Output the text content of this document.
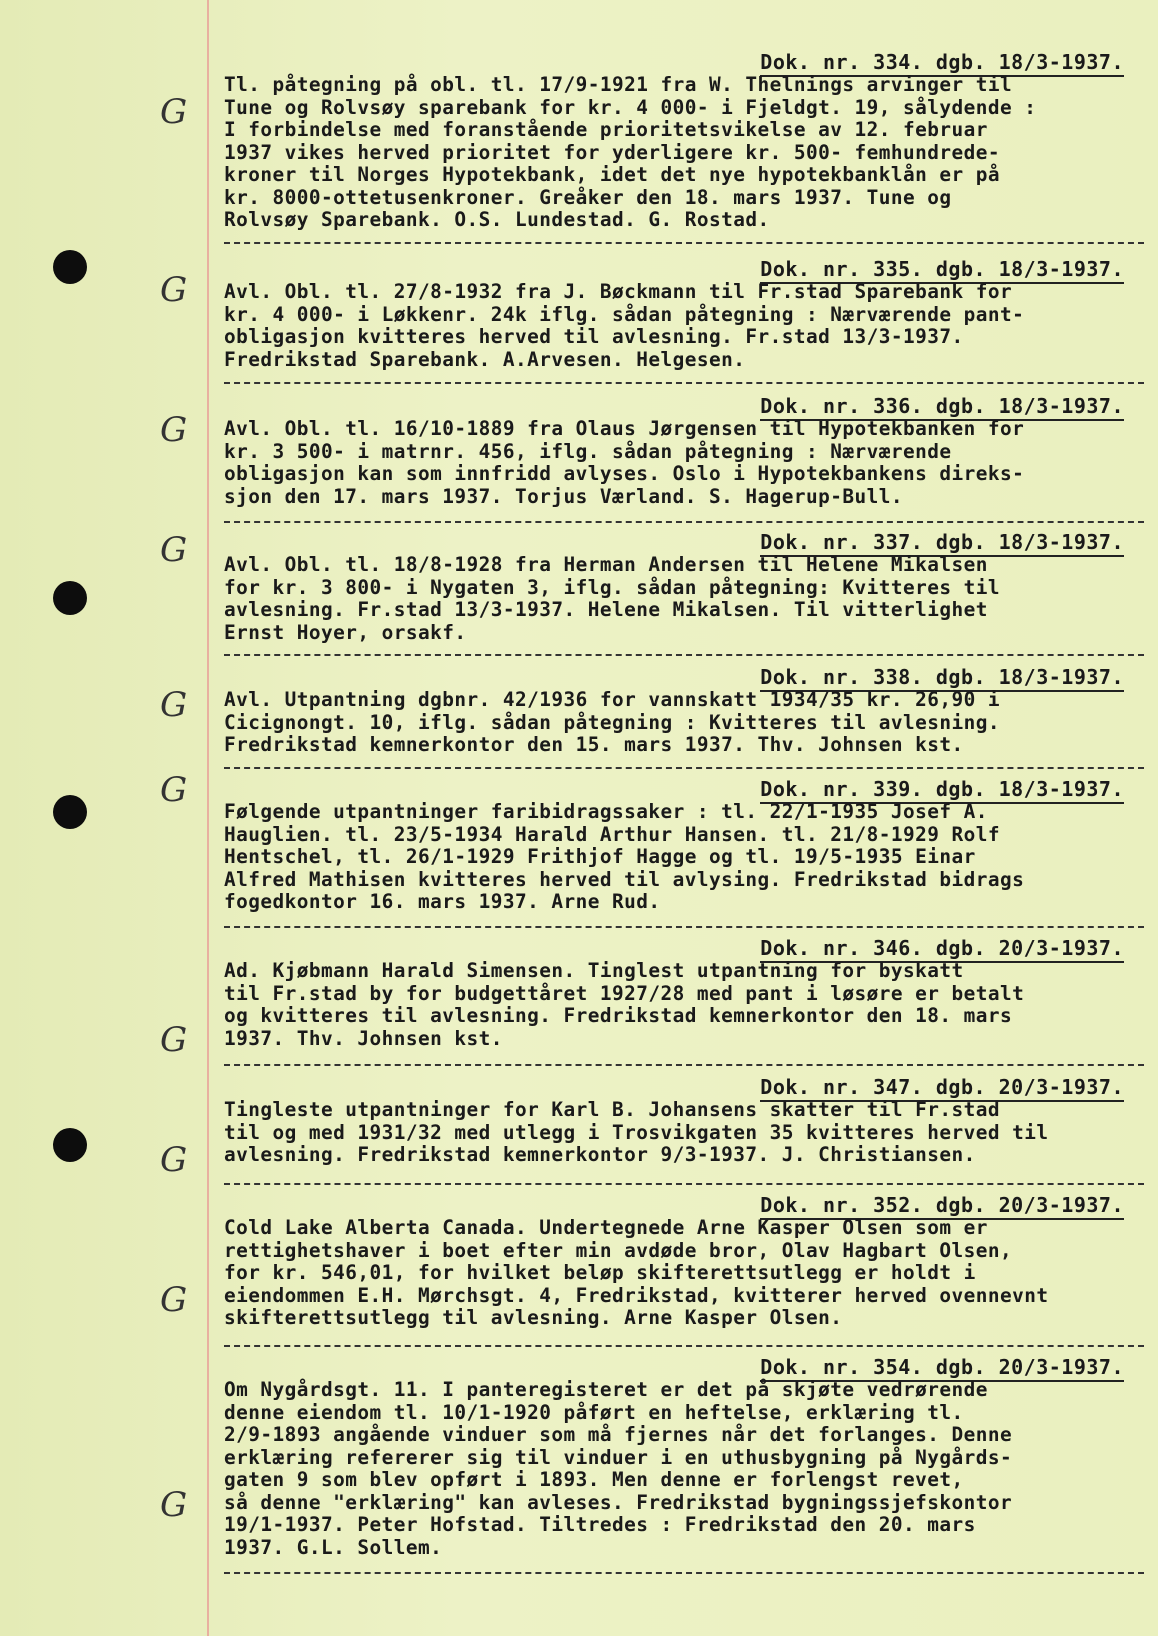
G
G
G
G
G
G
G
G
G
G
Dok. nr. 334. dgb. 18/3-1937.
Tl. påtegning på obl. tl. 17/9-1921 fra W. Thelnings arvinger til
Tune og Rolvsøy sparebank for kr. 4 000- i Fjeldgt. 19, sålydende :
I forbindelse med foranstående prioritetsvikelse av 12. februar
1937 vikes herved prioritet for yderligere kr. 500- femhundrede-
kroner til Norges Hypotekbank, idet det nye hypotekbanklån er på
kr. 8000-ottetusenkroner. Greåker den 18. mars 1937. Tune og
Rolvsøy Sparebank. O.S. Lundestad. G. Rostad.
Dok. nr. 335. dgb. 18/3-1937.
Avl. Obl. tl. 27/8-1932 fra J. Bøckmann til Fr.stad Sparebank for
kr. 4 000- i Løkkenr. 24k iflg. sådan påtegning : Nærværende pant-
obligasjon kvitteres herved til avlesning. Fr.stad 13/3-1937.
Fredrikstad Sparebank. A.Arvesen. Helgesen.
Dok. nr. 336. dgb. 18/3-1937.
Avl. Obl. tl. 16/10-1889 fra Olaus Jørgensen til Hypotekbanken for
kr. 3 500- i matrnr. 456, iflg. sådan påtegning : Nærværende
obligasjon kan som innfridd avlyses. Oslo i Hypotekbankens direks-
sjon den 17. mars 1937. Torjus Værland. S. Hagerup-Bull.
Dok. nr. 337. dgb. 18/3-1937.
Avl. Obl. tl. 18/8-1928 fra Herman Andersen til Helene Mikalsen
for kr. 3 800- i Nygaten 3, iflg. sådan påtegning: Kvitteres til
avlesning. Fr.stad 13/3-1937. Helene Mikalsen. Til vitterlighet
Ernst Hoyer, orsakf.
Dok. nr. 338. dgb. 18/3-1937.
Avl. Utpantning dgbnr. 42/1936 for vannskatt 1934/35 kr. 26,90 i
Cicignongt. 10, iflg. sådan påtegning : Kvitteres til avlesning.
Fredrikstad kemnerkontor den 15. mars 1937. Thv. Johnsen kst.
Dok. nr. 339. dgb. 18/3-1937.
Følgende utpantninger faribidragssaker : tl. 22/1-1935 Josef A.
Hauglien. tl. 23/5-1934 Harald Arthur Hansen. tl. 21/8-1929 Rolf
Hentschel, tl. 26/1-1929 Frithjof Hagge og tl. 19/5-1935 Einar
Alfred Mathisen kvitteres herved til avlysing. Fredrikstad bidrags
fogedkontor 16. mars 1937. Arne Rud.
Dok. nr. 346. dgb. 20/3-1937.
Ad. Kjøbmann Harald Simensen. Tinglest utpantning for byskatt
til Fr.stad by for budgettåret 1927/28 med pant i løsøre er betalt
og kvitteres til avlesning. Fredrikstad kemnerkontor den 18. mars
1937. Thv. Johnsen kst.
Dok. nr. 347. dgb. 20/3-1937.
Tingleste utpantninger for Karl B. Johansens skatter til Fr.stad
til og med 1931/32 med utlegg i Trosvikgaten 35 kvitteres herved til
avlesning. Fredrikstad kemnerkontor 9/3-1937. J. Christiansen.
Dok. nr. 352. dgb. 20/3-1937.
Cold Lake Alberta Canada. Undertegnede Arne Kasper Olsen som er
rettighetshaver i boet efter min avdøde bror, Olav Hagbart Olsen,
for kr. 546,01, for hvilket beløp skifterettsutlegg er holdt i
eiendommen E.H. Mørchsgt. 4, Fredrikstad, kvitterer herved ovennevnt
skifterettsutlegg til avlesning. Arne Kasper Olsen.
Dok. nr. 354. dgb. 20/3-1937.
Om Nygårdsgt. 11. I panteregisteret er det på skjøte vedrørende
denne eiendom tl. 10/1-1920 påført en heftelse, erklæring tl.
2/9-1893 angående vinduer som må fjernes når det forlanges. Denne
erklæring refererer sig til vinduer i en uthusbygning på Nygårds-
gaten 9 som blev opført i 1893. Men denne er forlengst revet,
så denne "erklæring" kan avleses. Fredrikstad bygningssjefskontor
19/1-1937. Peter Hofstad. Tiltredes : Fredrikstad den 20. mars
1937. G.L. Sollem.
